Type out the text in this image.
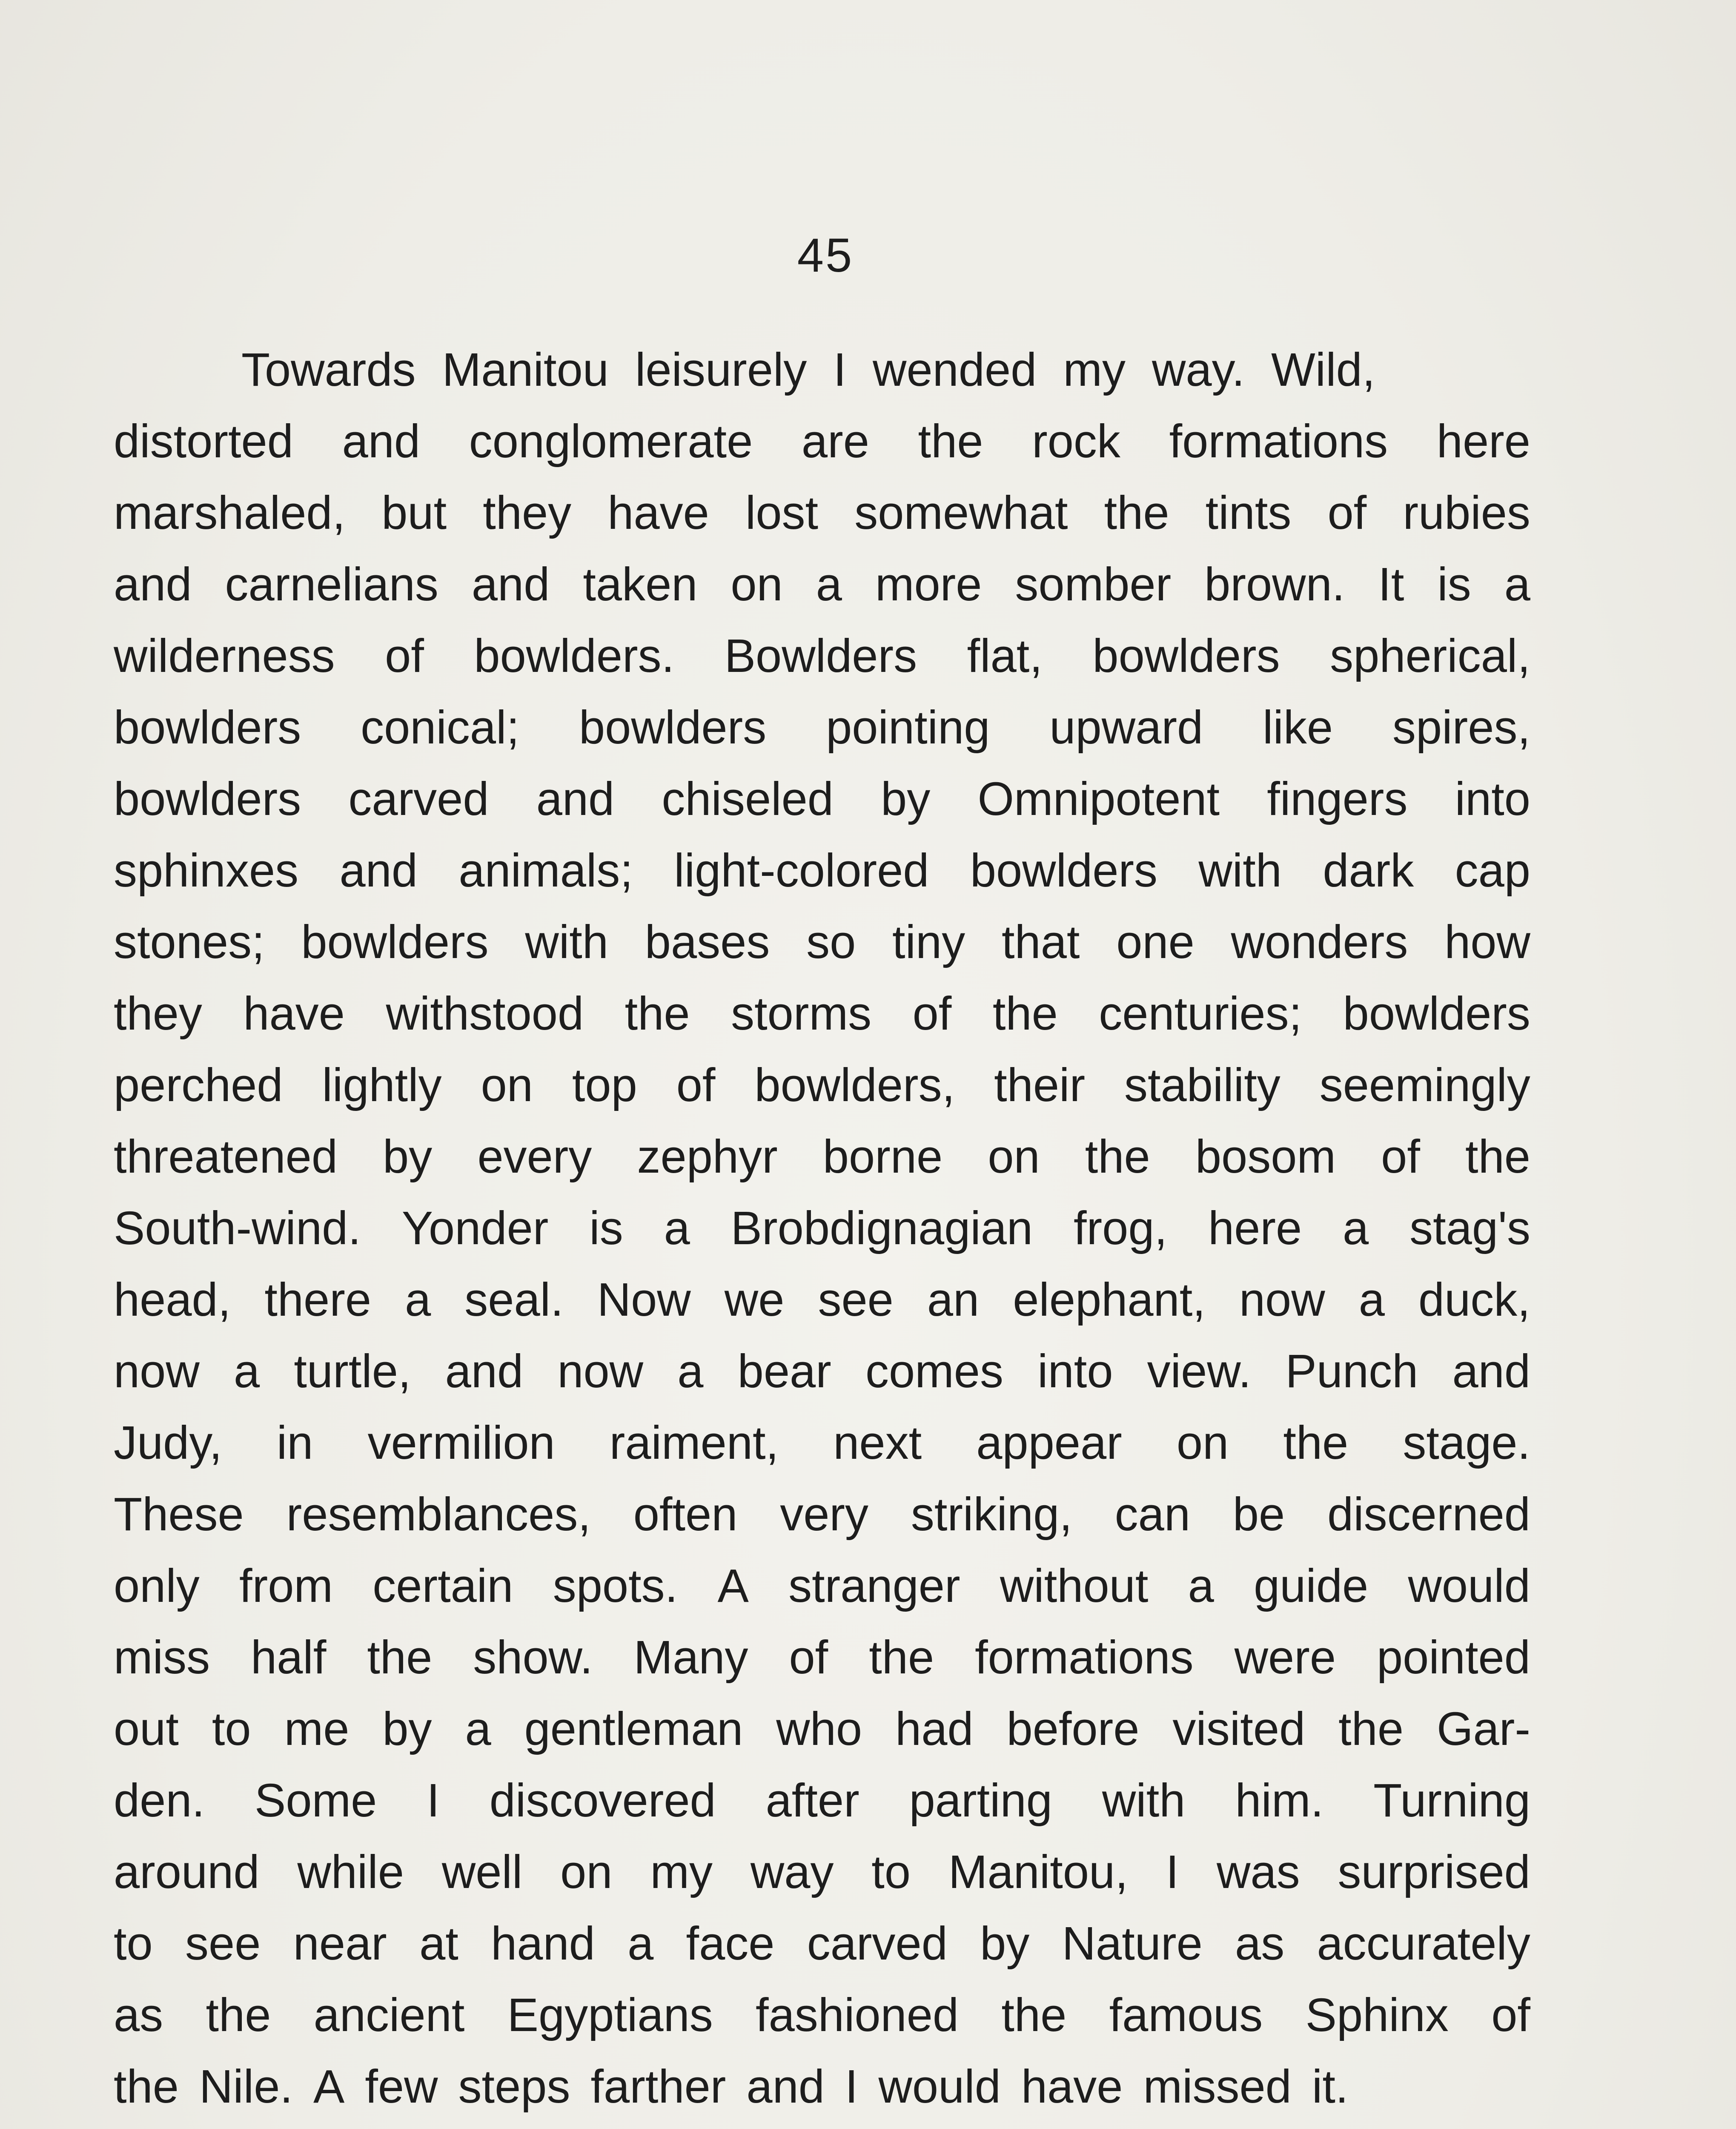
45
Towards Manitou leisurely I wended my way. Wild,
distorted and conglomerate are the rock formations here
marshaled, but they have lost somewhat the tints of rubies
and carnelians and taken on a more somber brown. It is a
wilderness of bowlders. Bowlders flat, bowlders spherical,
bowlders conical; bowlders pointing upward like spires,
bowlders carved and chiseled by Omnipotent fingers into
sphinxes and animals; light-colored bowlders with dark cap
stones; bowlders with bases so tiny that one wonders how
they have withstood the storms of the centuries; bowlders
perched lightly on top of bowlders, their stability seemingly
threatened by every zephyr borne on the bosom of the
South-wind. Yonder is a Brobdignagian frog, here a stag's
head, there a seal. Now we see an elephant, now a duck,
now a turtle, and now a bear comes into view. Punch and
Judy, in vermilion raiment, next appear on the stage.
These resemblances, often very striking, can be discerned
only from certain spots. A stranger without a guide would
miss half the show. Many of the formations were pointed
out to me by a gentleman who had before visited the Gar-
den. Some I discovered after parting with him. Turning
around while well on my way to Manitou, I was surprised
to see near at hand a face carved by Nature as accurately
as the ancient Egyptians fashioned the famous Sphinx of
the Nile. A few steps farther and I would have missed it.
